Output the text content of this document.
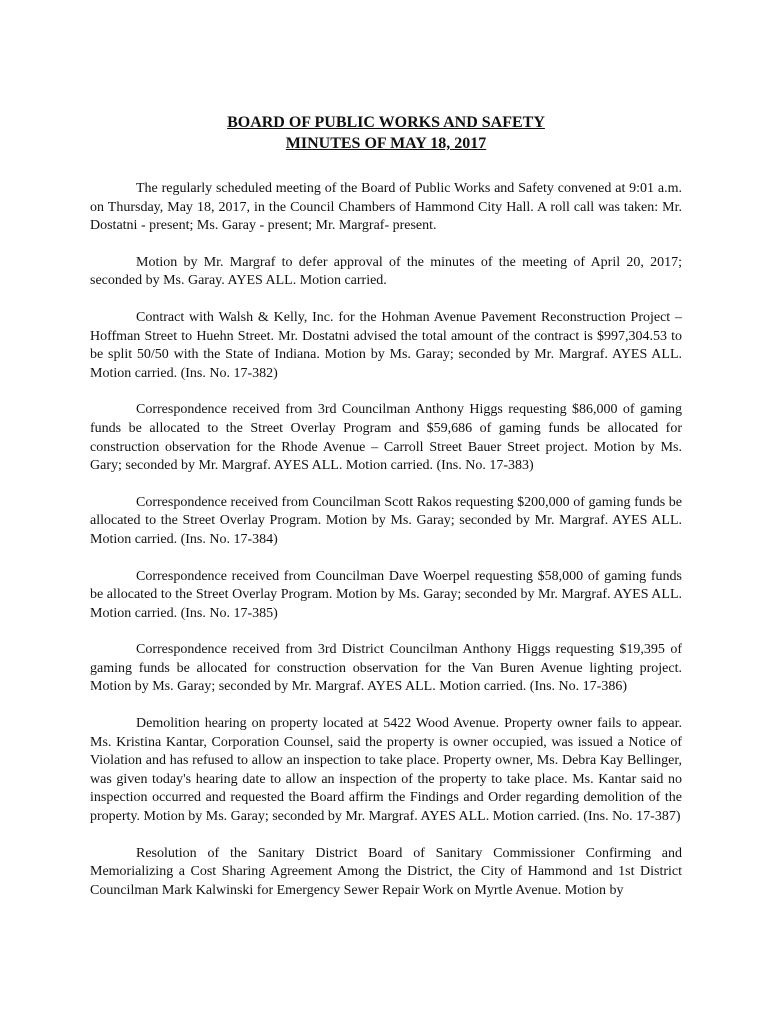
BOARD OF PUBLIC WORKS AND SAFETY

MINUTES OF MAY 18, 2017

The regularly scheduled meeting of the Board of Public Works and Safety convened at 9:01 a.m. on Thursday, May 18, 2017, in the Council Chambers of Hammond City Hall. A roll call was taken: Mr. Dostatni - present; Ms. Garay - present; Mr. Margraf- present.

Motion by Mr. Margraf to defer approval of the minutes of the meeting of April 20, 2017; seconded by Ms. Garay. AYES ALL. Motion carried.

Contract with Walsh & Kelly, Inc. for the Hohman Avenue Pavement Reconstruction Project – Hoffman Street to Huehn Street. Mr. Dostatni advised the total amount of the contract is $997,304.53 to be split 50/50 with the State of Indiana. Motion by Ms. Garay; seconded by Mr. Margraf. AYES ALL. Motion carried. (Ins. No. 17-382)

Correspondence received from 3rd Councilman Anthony Higgs requesting $86,000 of gaming funds be allocated to the Street Overlay Program and $59,686 of gaming funds be allocated for construction observation for the Rhode Avenue – Carroll Street Bauer Street project. Motion by Ms. Gary; seconded by Mr. Margraf. AYES ALL. Motion carried. (Ins. No. 17-383)

Correspondence received from Councilman Scott Rakos requesting $200,000 of gaming funds be allocated to the Street Overlay Program. Motion by Ms. Garay; seconded by Mr. Margraf. AYES ALL. Motion carried. (Ins. No. 17-384)

Correspondence received from Councilman Dave Woerpel requesting $58,000 of gaming funds be allocated to the Street Overlay Program. Motion by Ms. Garay; seconded by Mr. Margraf. AYES ALL. Motion carried. (Ins. No. 17-385)

Correspondence received from 3rd District Councilman Anthony Higgs requesting $19,395 of gaming funds be allocated for construction observation for the Van Buren Avenue lighting project. Motion by Ms. Garay; seconded by Mr. Margraf. AYES ALL. Motion carried. (Ins. No. 17-386)

Demolition hearing on property located at 5422 Wood Avenue. Property owner fails to appear. Ms. Kristina Kantar, Corporation Counsel, said the property is owner occupied, was issued a Notice of Violation and has refused to allow an inspection to take place. Property owner, Ms. Debra Kay Bellinger, was given today's hearing date to allow an inspection of the property to take place. Ms. Kantar said no inspection occurred and requested the Board affirm the Findings and Order regarding demolition of the property. Motion by Ms. Garay; seconded by Mr. Margraf. AYES ALL. Motion carried. (Ins. No. 17-387)

Resolution of the Sanitary District Board of Sanitary Commissioner Confirming and Memorializing a Cost Sharing Agreement Among the District, the City of Hammond and 1st District Councilman Mark Kalwinski for Emergency Sewer Repair Work on Myrtle Avenue. Motion by
